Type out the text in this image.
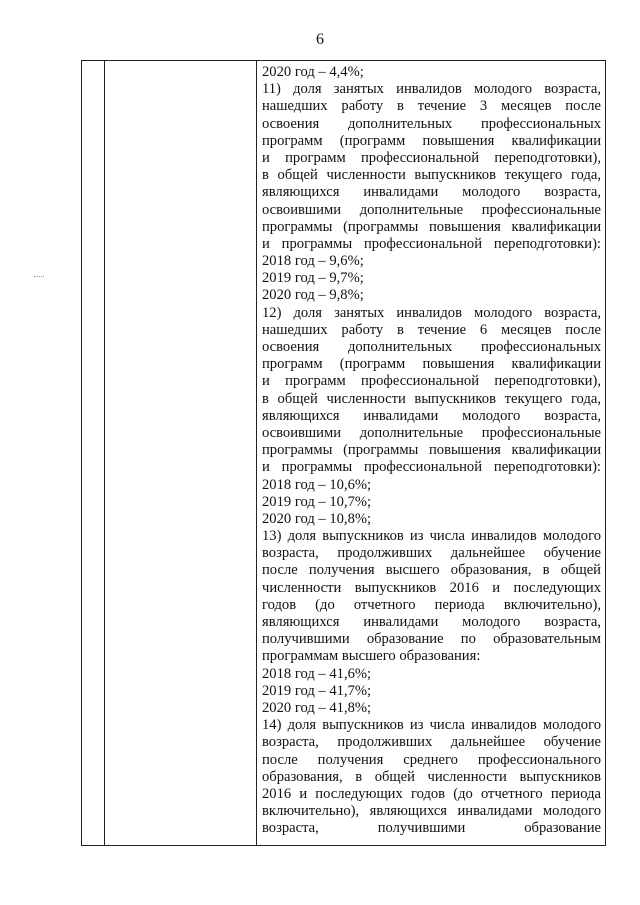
6
2020 год – 4,4%;
11) доля занятых инвалидов молодого возраста,
нашедших работу в течение 3 месяцев после
освоения дополнительных профессиональных
программ (программ повышения квалификации
и программ профессиональной переподготовки),
в общей численности выпускников текущего года,
являющихся инвалидами молодого возраста,
освоившими дополнительные профессиональные
программы (программы повышения квалификации
и программы профессиональной переподготовки):
2018 год – 9,6%;
2019 год – 9,7%;
2020 год – 9,8%;
12) доля занятых инвалидов молодого возраста,
нашедших работу в течение 6 месяцев после
освоения дополнительных профессиональных
программ (программ повышения квалификации
и программ профессиональной переподготовки),
в общей численности выпускников текущего года,
являющихся инвалидами молодого возраста,
освоившими дополнительные профессиональные
программы (программы повышения квалификации
и программы профессиональной переподготовки):
2018 год – 10,6%;
2019 год – 10,7%;
2020 год – 10,8%;
13) доля выпускников из числа инвалидов молодого
возраста, продолживших дальнейшее обучение
после получения высшего образования, в общей
численности выпускников 2016 и последующих
годов (до отчетного периода включительно),
являющихся инвалидами молодого возраста,
получившими образование по образовательным
программам высшего образования:
2018 год – 41,6%;
2019 год – 41,7%;
2020 год – 41,8%;
14) доля выпускников из числа инвалидов молодого
возраста, продолживших дальнейшее обучение
после получения среднего профессионального
образования, в общей численности выпускников
2016 и последующих годов (до отчетного периода
включительно), являющихся инвалидами молодого
возраста, получившими образование
